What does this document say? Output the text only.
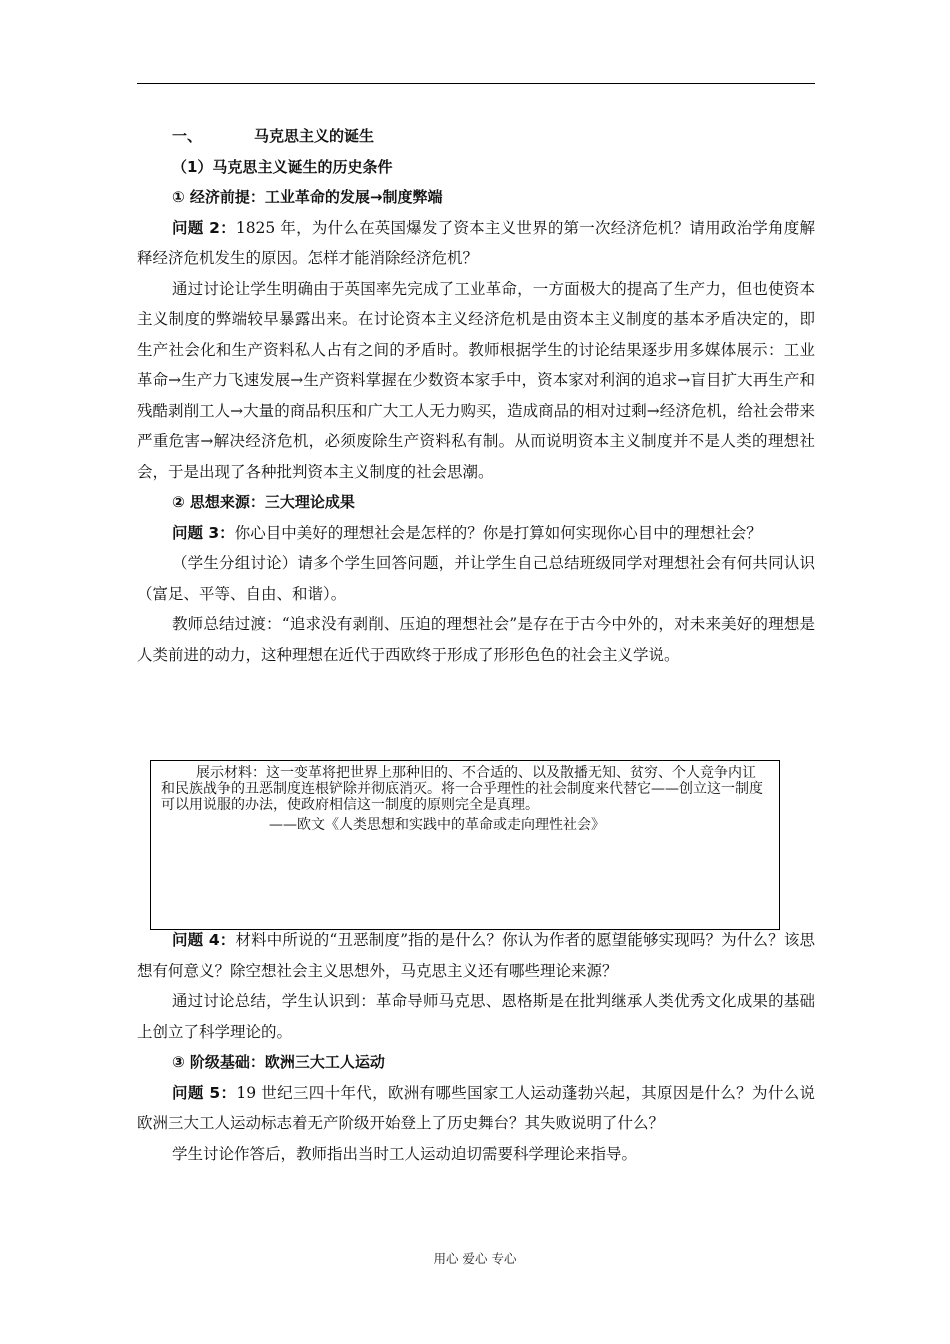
一、	马克思主义的诞生

（1）马克思主义诞生的历史条件

① 经济前提：工业革命的发展→制度弊端

问题 2：1825 年，为什么在英国爆发了资本主义世界的第一次经济危机？请用政治学角度解释经济危机发生的原因。怎样才能消除经济危机？

通过讨论让学生明确由于英国率先完成了工业革命，一方面极大的提高了生产力，但也使资本主义制度的弊端较早暴露出来。在讨论资本主义经济危机是由资本主义制度的基本矛盾决定的，即生产社会化和生产资料私人占有之间的矛盾时。教师根据学生的讨论结果逐步用多媒体展示：工业革命→生产力飞速发展→生产资料掌握在少数资本家手中，资本家对利润的追求→盲目扩大再生产和残酷剥削工人→大量的商品积压和广大工人无力购买，造成商品的相对过剩→经济危机，给社会带来严重危害→解决经济危机，必须废除生产资料私有制。从而说明资本主义制度并不是人类的理想社会，于是出现了各种批判资本主义制度的社会思潮。

② 思想来源：三大理论成果

问题 3：你心目中美好的理想社会是怎样的？你是打算如何实现你心目中的理想社会？

（学生分组讨论）请多个学生回答问题，并让学生自己总结班级同学对理想社会有何共同认识（富足、平等、自由、和谐）。

教师总结过渡：“追求没有剥削、压迫的理想社会”是存在于古今中外的，对未来美好的理想是人类前进的动力，这种理想在近代于西欧终于形成了形形色色的社会主义学说。

展示材料：这一变革将把世界上那种旧的、不合适的、以及散播无知、贫穷、个人竞争内讧和民族战争的丑恶制度连根铲除并彻底消灭。将一合乎理性的社会制度来代替它——创立这一制度可以用说服的办法，使政府相信这一制度的原则完全是真理。

——欧文《人类思想和实践中的革命或走向理性社会》

问题 4：材料中所说的“丑恶制度”指的是什么？你认为作者的愿望能够实现吗？为什么？该思想有何意义？除空想社会主义思想外，马克思主义还有哪些理论来源？

通过讨论总结，学生认识到：革命导师马克思、恩格斯是在批判继承人类优秀文化成果的基础上创立了科学理论的。

③ 阶级基础：欧洲三大工人运动

问题 5：19 世纪三四十年代，欧洲有哪些国家工人运动蓬勃兴起，其原因是什么？为什么说欧洲三大工人运动标志着无产阶级开始登上了历史舞台？其失败说明了什么？

学生讨论作答后，教师指出当时工人运动迫切需要科学理论来指导。

用心 爱心 专心
